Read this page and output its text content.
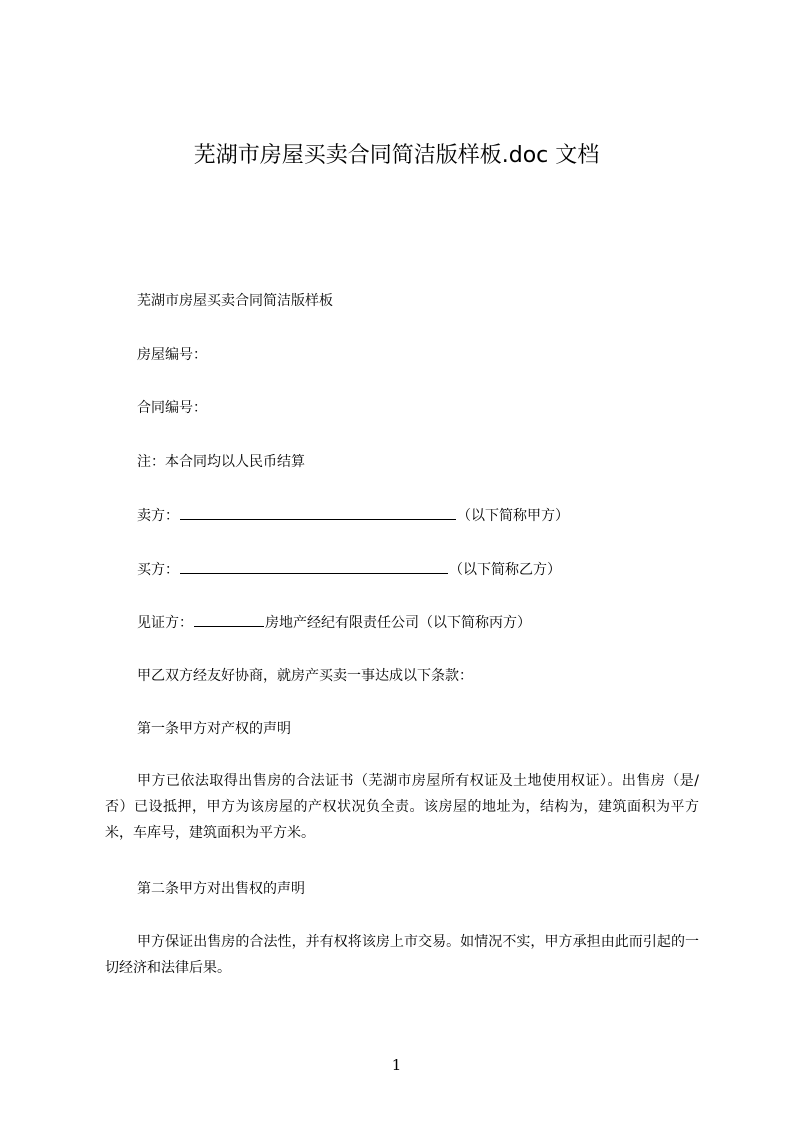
芜湖市房屋买卖合同简洁版样板.doc 文档
芜湖市房屋买卖合同简洁版样板
房屋编号：
合同编号：
注：本合同均以人民币结算
卖方：	（以下简称甲方）
买方：	（以下简称乙方）
见证方：	房地产经纪有限责任公司（以下简称丙方）
甲乙双方经友好协商，就房产买卖一事达成以下条款：
第一条甲方对产权的声明
甲方已依法取得出售房的合法证书（芜湖市房屋所有权证及土地使用权证）。出售房（是/否）已设抵押，甲方为该房屋的产权状况负全责。该房屋的地址为，结构为，建筑面积为平方米，车库号，建筑面积为平方米。
第二条甲方对出售权的声明
甲方保证出售房的合法性，并有权将该房上市交易。如情况不实，甲方承担由此而引起的一切经济和法律后果。
1
